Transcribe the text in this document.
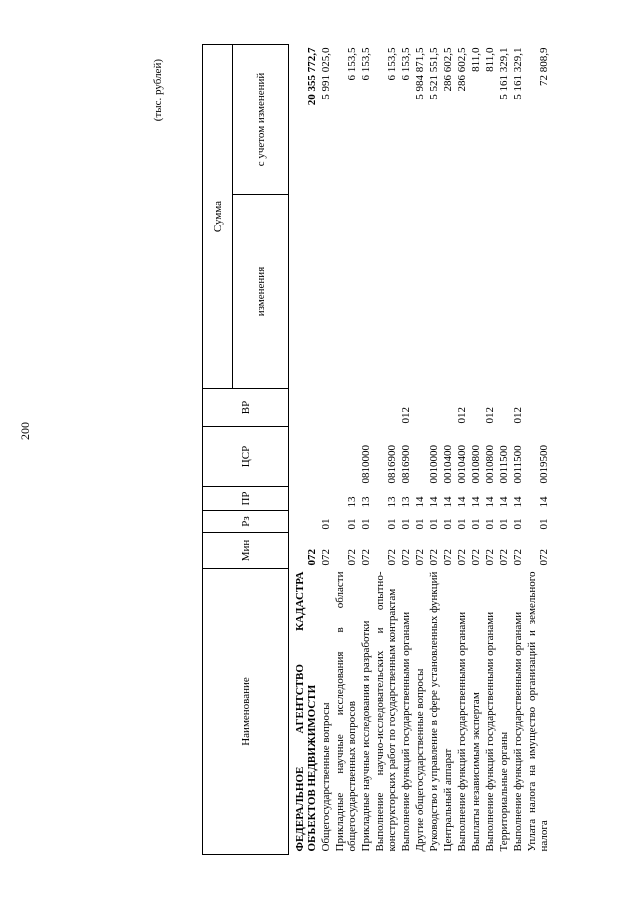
200
(тыс. рублей)
Наименование	Мин	Рз	ПР	ЦСР	ВР	Сумма	
						изменения	с учетом изменений

ФЕДЕРАЛЬНОЕ АГЕНТСТВО КАДАСТРА ОБЪЕКТОВ НЕДВИЖИМОСТИ	072						20 355 772,7
Общегосударственные вопросы	072	01					5 991 025,0
Прикладные научные исследования в области общегосударственных вопросов	072	01	13				6 153,5
Прикладные научные исследования и разработки	072	01	13	0810000			6 153,5
Выполнение научно-исследовательских и опытно-конструкторских работ по государственным контрактам	072	01	13	0816900			6 153,5
Выполнение функций государственными органами	072	01	13	0816900	012		6 153,5
Другие общегосударственные вопросы	072	01	14				5 984 871,5
Руководство и управление в сфере установленных функций	072	01	14	0010000			5 521 551,5
Центральный аппарат	072	01	14	0010400			286 602,5
Выполнение функций государственными органами	072	01	14	0010400	012		286 602,5
Выплаты независимым экспертам	072	01	14	0010800			811,0
Выполнение функций государственными органами	072	01	14	0010800	012		811,0
Территориальные органы	072	01	14	0011500			5 161 329,1
Выполнение функций государственными органами	072	01	14	0011500	012		5 161 329,1
Уплата налога на имущество организаций и земельного налога	072	01	14	0019500			72 808,9
